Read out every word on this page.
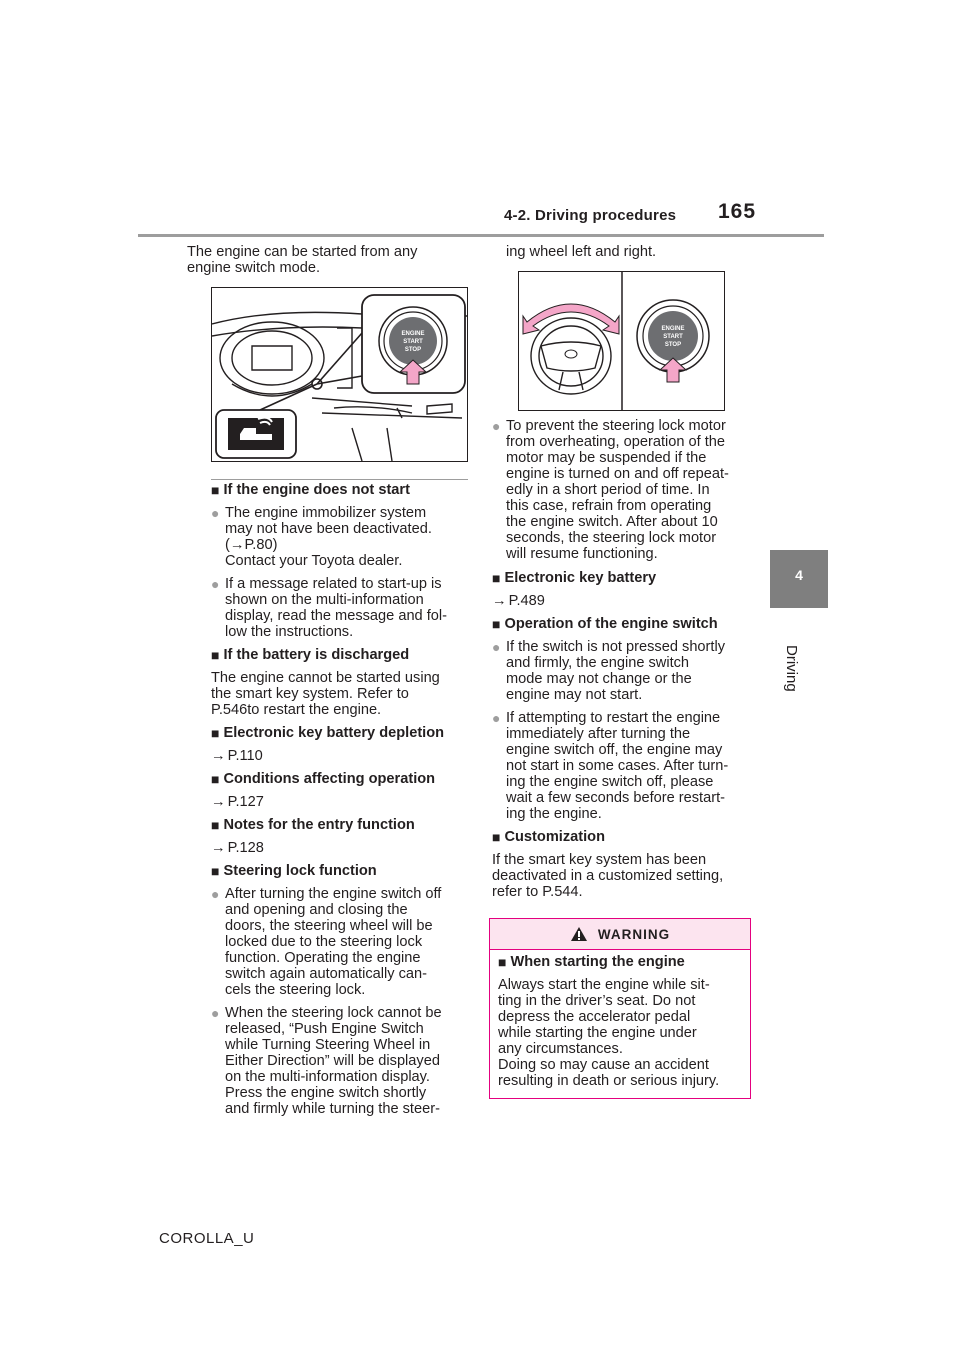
4-2. Driving procedures 165
4
Driving

The engine can be started from any
engine switch mode.

ENGINE
START
STOP

■ If the engine does not start

● The engine immobilizer system
may not have been deactivated.
(→P.80)
Contact your Toyota dealer.
● If a message related to start-up is
shown on the multi-information
display, read the message and fol-
low the instructions.

■ If the battery is discharged

The engine cannot be started using
the smart key system. Refer to
P.546to restart the engine.

■ Electronic key battery depletion

→ P.110

■ Conditions affecting operation

→ P.127

■ Notes for the entry function

→ P.128

■ Steering lock function

● After turning the engine switch off
and opening and closing the
doors, the steering wheel will be
locked due to the steering lock
function. Operating the engine
switch again automatically can-
cels the steering lock.
● When the steering lock cannot be
released, “Push Engine Switch
while Turning Steering Wheel in
Either Direction” will be displayed
on the multi-information display.
Press the engine switch shortly
and firmly while turning the steer-

ing wheel left and right.

ENGINE
START
STOP
● To prevent the steering lock motor
from overheating, operation of the
motor may be suspended if the
engine is turned on and off repeat-
edly in a short period of time. In
this case, refrain from operating
the engine switch. After about 10
seconds, the steering lock motor
will resume functioning.

■ Electronic key battery

→ P.489

■ Operation of the engine switch

● If the switch is not pressed shortly
and firmly, the engine switch
mode may not change or the
engine may not start.
● If attempting to restart the engine
immediately after turning the
engine switch off, the engine may
not start in some cases. After turn-
ing the engine switch off, please
wait a few seconds before restart-
ing the engine.

■ Customization

If the smart key system has been
deactivated in a customized setting,
refer to P.544.

WARNING

■ When starting the engine

Always start the engine while sit-
ting in the driver’s seat. Do not
depress the accelerator pedal
while starting the engine under
any circumstances.
Doing so may cause an accident
resulting in death or serious injury.

COROLLA_U
